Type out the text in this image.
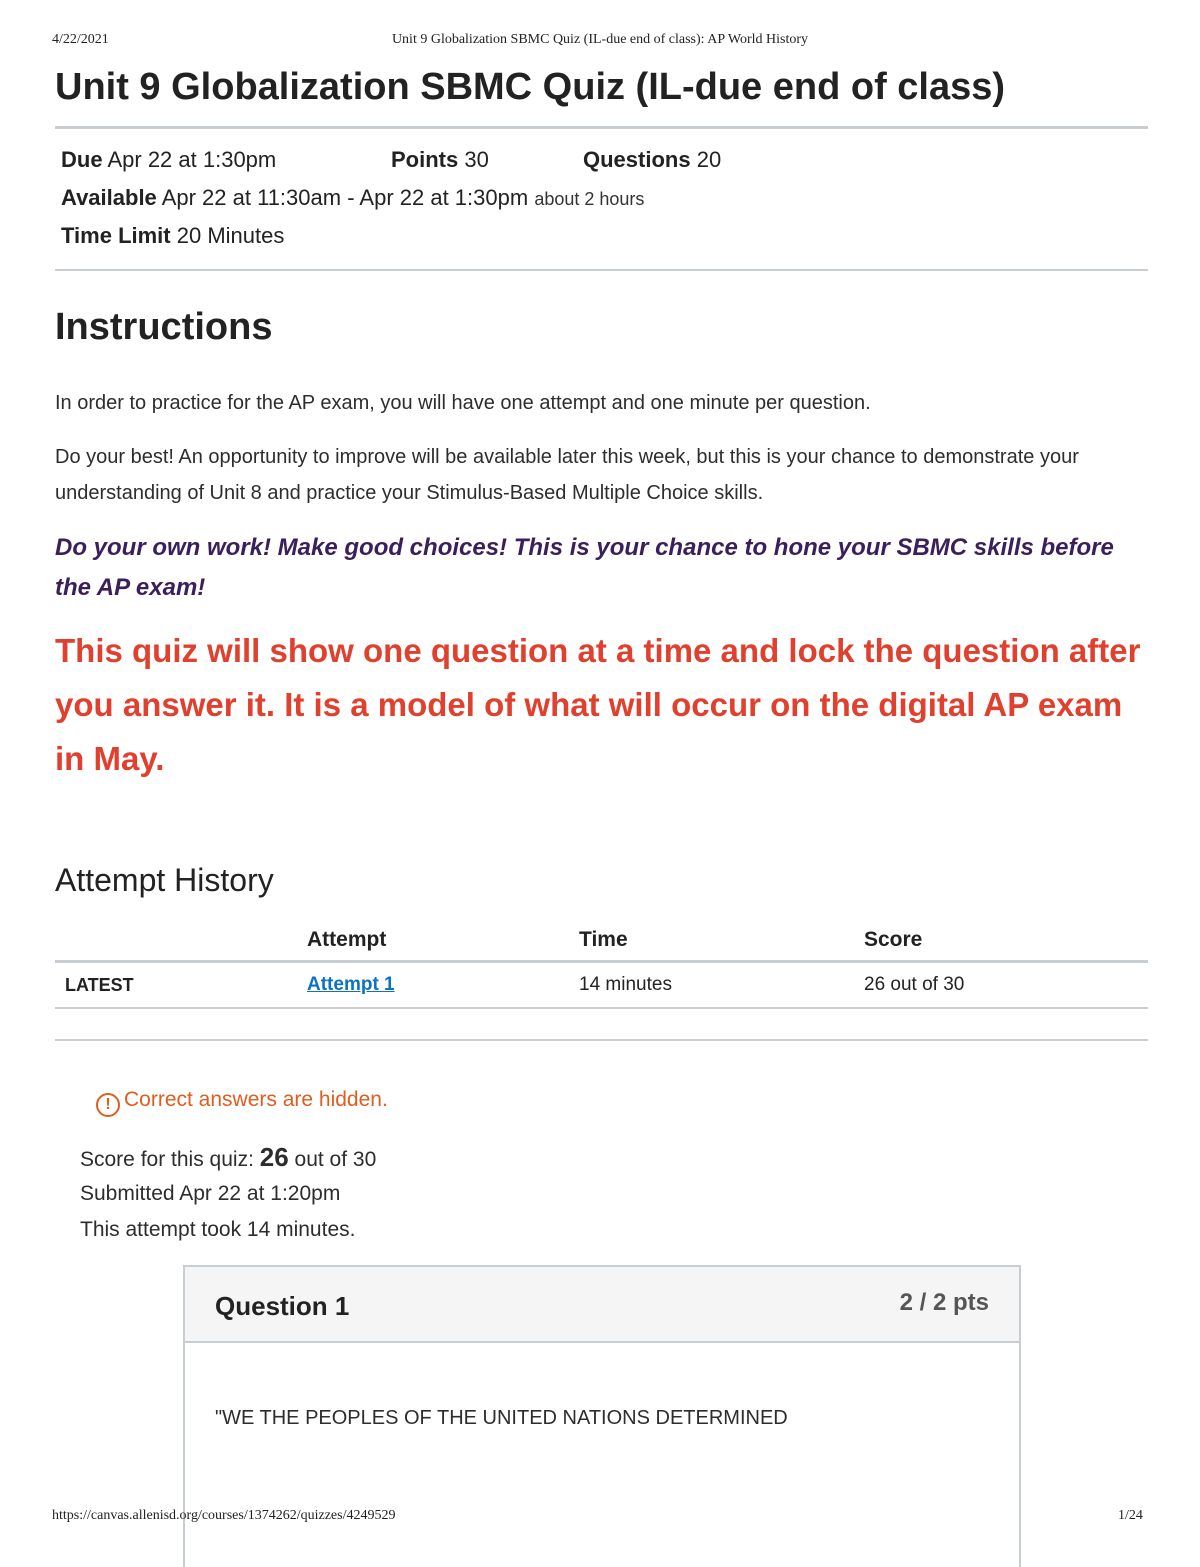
4/22/2021	Unit 9 Globalization SBMC Quiz (IL-due end of class): AP World History
Unit 9 Globalization SBMC Quiz (IL-due end of class)
Due Apr 22 at 1:30pm	Points 30	Questions 20
Available Apr 22 at 11:30am - Apr 22 at 1:30pm about 2 hours
Time Limit 20 Minutes
Instructions

In order to practice for the AP exam, you will have one attempt and one minute per question.

Do your best! An opportunity to improve will be available later this week, but this is your chance to demonstrate your understanding of Unit 8 and practice your Stimulus-Based Multiple Choice skills.

Do your own work! Make good choices! This is your chance to hone your SBMC skills before the AP exam!

This quiz will show one question at a time and lock the question after you answer it. It is a model of what will occur on the digital AP exam in May.

Attempt History
	Attempt	Time	Score
LATEST	Attempt 1	14 minutes	26 out of 30
! Correct answers are hidden.
Score for this quiz: 26 out of 30
Submitted Apr 22 at 1:20pm
This attempt took 14 minutes.
Question 1	2 / 2 pts
"WE THE PEOPLES OF THE UNITED NATIONS DETERMINED
https://canvas.allenisd.org/courses/1374262/quizzes/4249529	1/24
